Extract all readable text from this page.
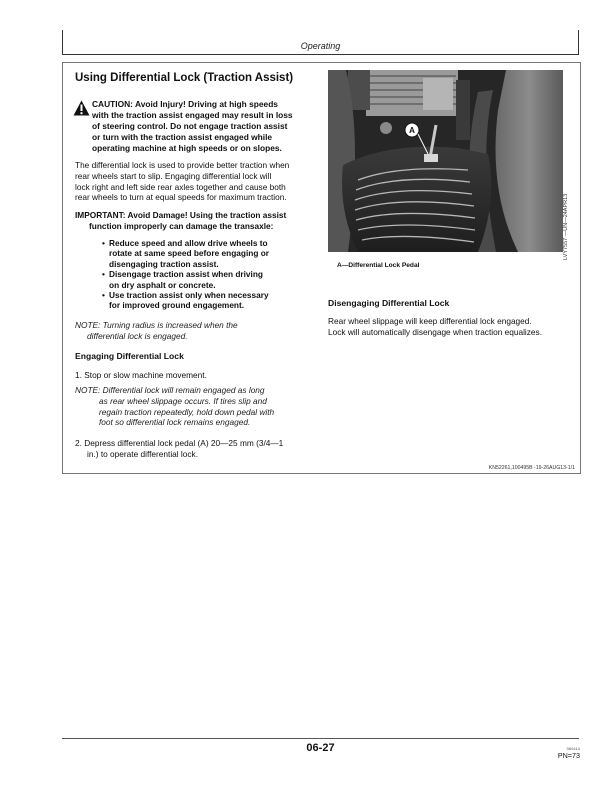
Operating
Using Differential Lock (Traction Assist)
CAUTION: Avoid Injury! Driving at high speeds
with the traction assist engaged may result in loss
of steering control. Do not engage traction assist
or turn with the traction assist engaged while
operating machine at high speeds or on slopes.
The differential lock is used to provide better traction when
rear wheels start to slip. Engaging differential lock will
lock right and left side rear axles together and cause both
rear wheels to turn at equal speeds for maximum traction.
IMPORTANT: Avoid Damage! Using the traction assist
function improperly can damage the transaxle:
• Reduce speed and allow drive wheels to
rotate at same speed before engaging or
disengaging traction assist.
• Disengage traction assist when driving
on dry asphalt or concrete.
• Use traction assist only when necessary
for improved ground engagement.
NOTE: Turning radius is increased when the
differential lock is engaged.
Engaging Differential Lock
1. Stop or slow machine movement.
NOTE: Differential lock will remain engaged as long
as rear wheel slippage occurs. If tires slip and
regain traction repeatedly, hold down pedal with
foot so differential lock remains engaged.
2. Depress differential lock pedal (A) 20—25 mm (3/4—1
in.) to operate differential lock.
A
LVY7557 —UN—24APR13
A—Differential Lock Pedal
Disengaging Differential Lock
Rear wheel slippage will keep differential lock engaged.
Lock will automatically disengage when traction equalizes.
KN52261,100495B -19-26AUG13-1/1
06-27	060414
PN=73
